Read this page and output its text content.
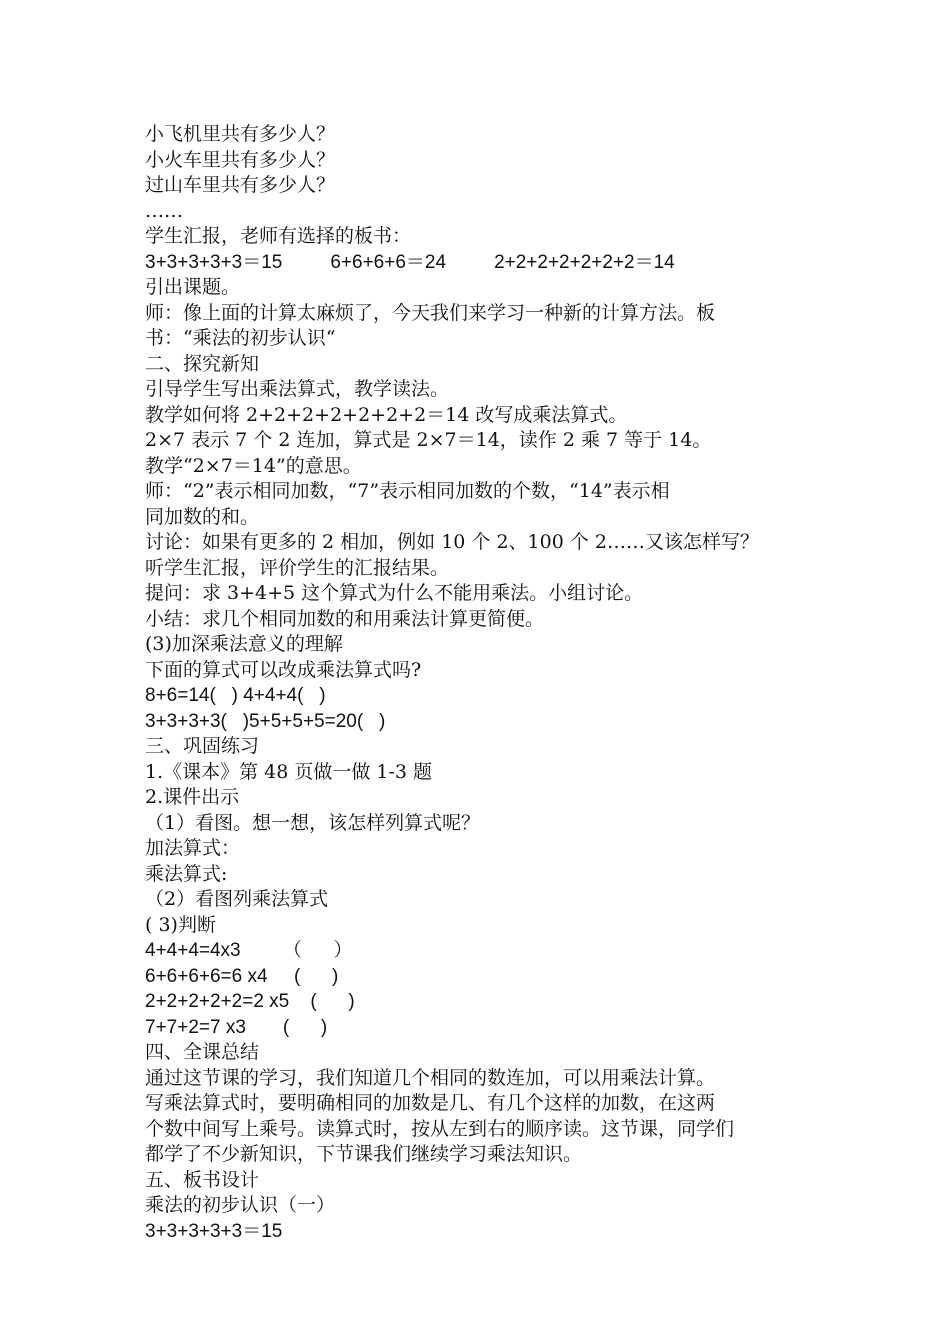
小飞机里共有多少人？
小火车里共有多少人？
过山车里共有多少人？
……
学生汇报，老师有选择的板书：
3+3+3+3+3＝15	6+6+6+6＝24	2+2+2+2+2+2+2＝14
引出课题。
师：像上面的计算太麻烦了，今天我们来学习一种新的计算方法。板
书：“乘法的初步认识“
二、探究新知
引导学生写出乘法算式，教学读法。
教学如何将 2+2+2+2+2+2+2＝14 改写成乘法算式。
2×7 表示 7 个 2 连加，算式是 2×7＝14，读作 2 乘 7 等于 14。
教学“2×7＝14”的意思。
师：“2”表示相同加数，“7”表示相同加数的个数，“14”表示相
同加数的和。
讨论：如果有更多的 2 相加，例如 10 个 2、100 个 2……又该怎样写？
听学生汇报，评价学生的汇报结果。
提问：求 3+4+5 这个算式为什么不能用乘法。小组讨论。
小结：求几个相同加数的和用乘法计算更简便。
(3)加深乘法意义的理解
下面的算式可以改成乘法算式吗?
8+6=14(   ) 4+4+4(   )
3+3+3+3(   )5+5+5+5=20(   )
三、巩固练习
1.《课本》第 48 页做一做 1-3 题
2.课件出示
（1）看图。想一想，该怎样列算式呢？
加法算式：
乘法算式:
（2）看图列乘法算式
( 3)判断
4+4+4=4x3        （      ）
6+6+6+6=6 x4     (      )
2+2+2+2+2=2 x5    (      )
7+7+2=7 x3       (      )
四、全课总结
通过这节课的学习，我们知道几个相同的数连加，可以用乘法计算。
写乘法算式时，要明确相同的加数是几、有几个这样的加数，在这两
个数中间写上乘号。读算式时，按从左到右的顺序读。这节课，同学们
都学了不少新知识，下节课我们继续学习乘法知识。
五、板书设计
乘法的初步认识（一）
3+3+3+3+3＝15
